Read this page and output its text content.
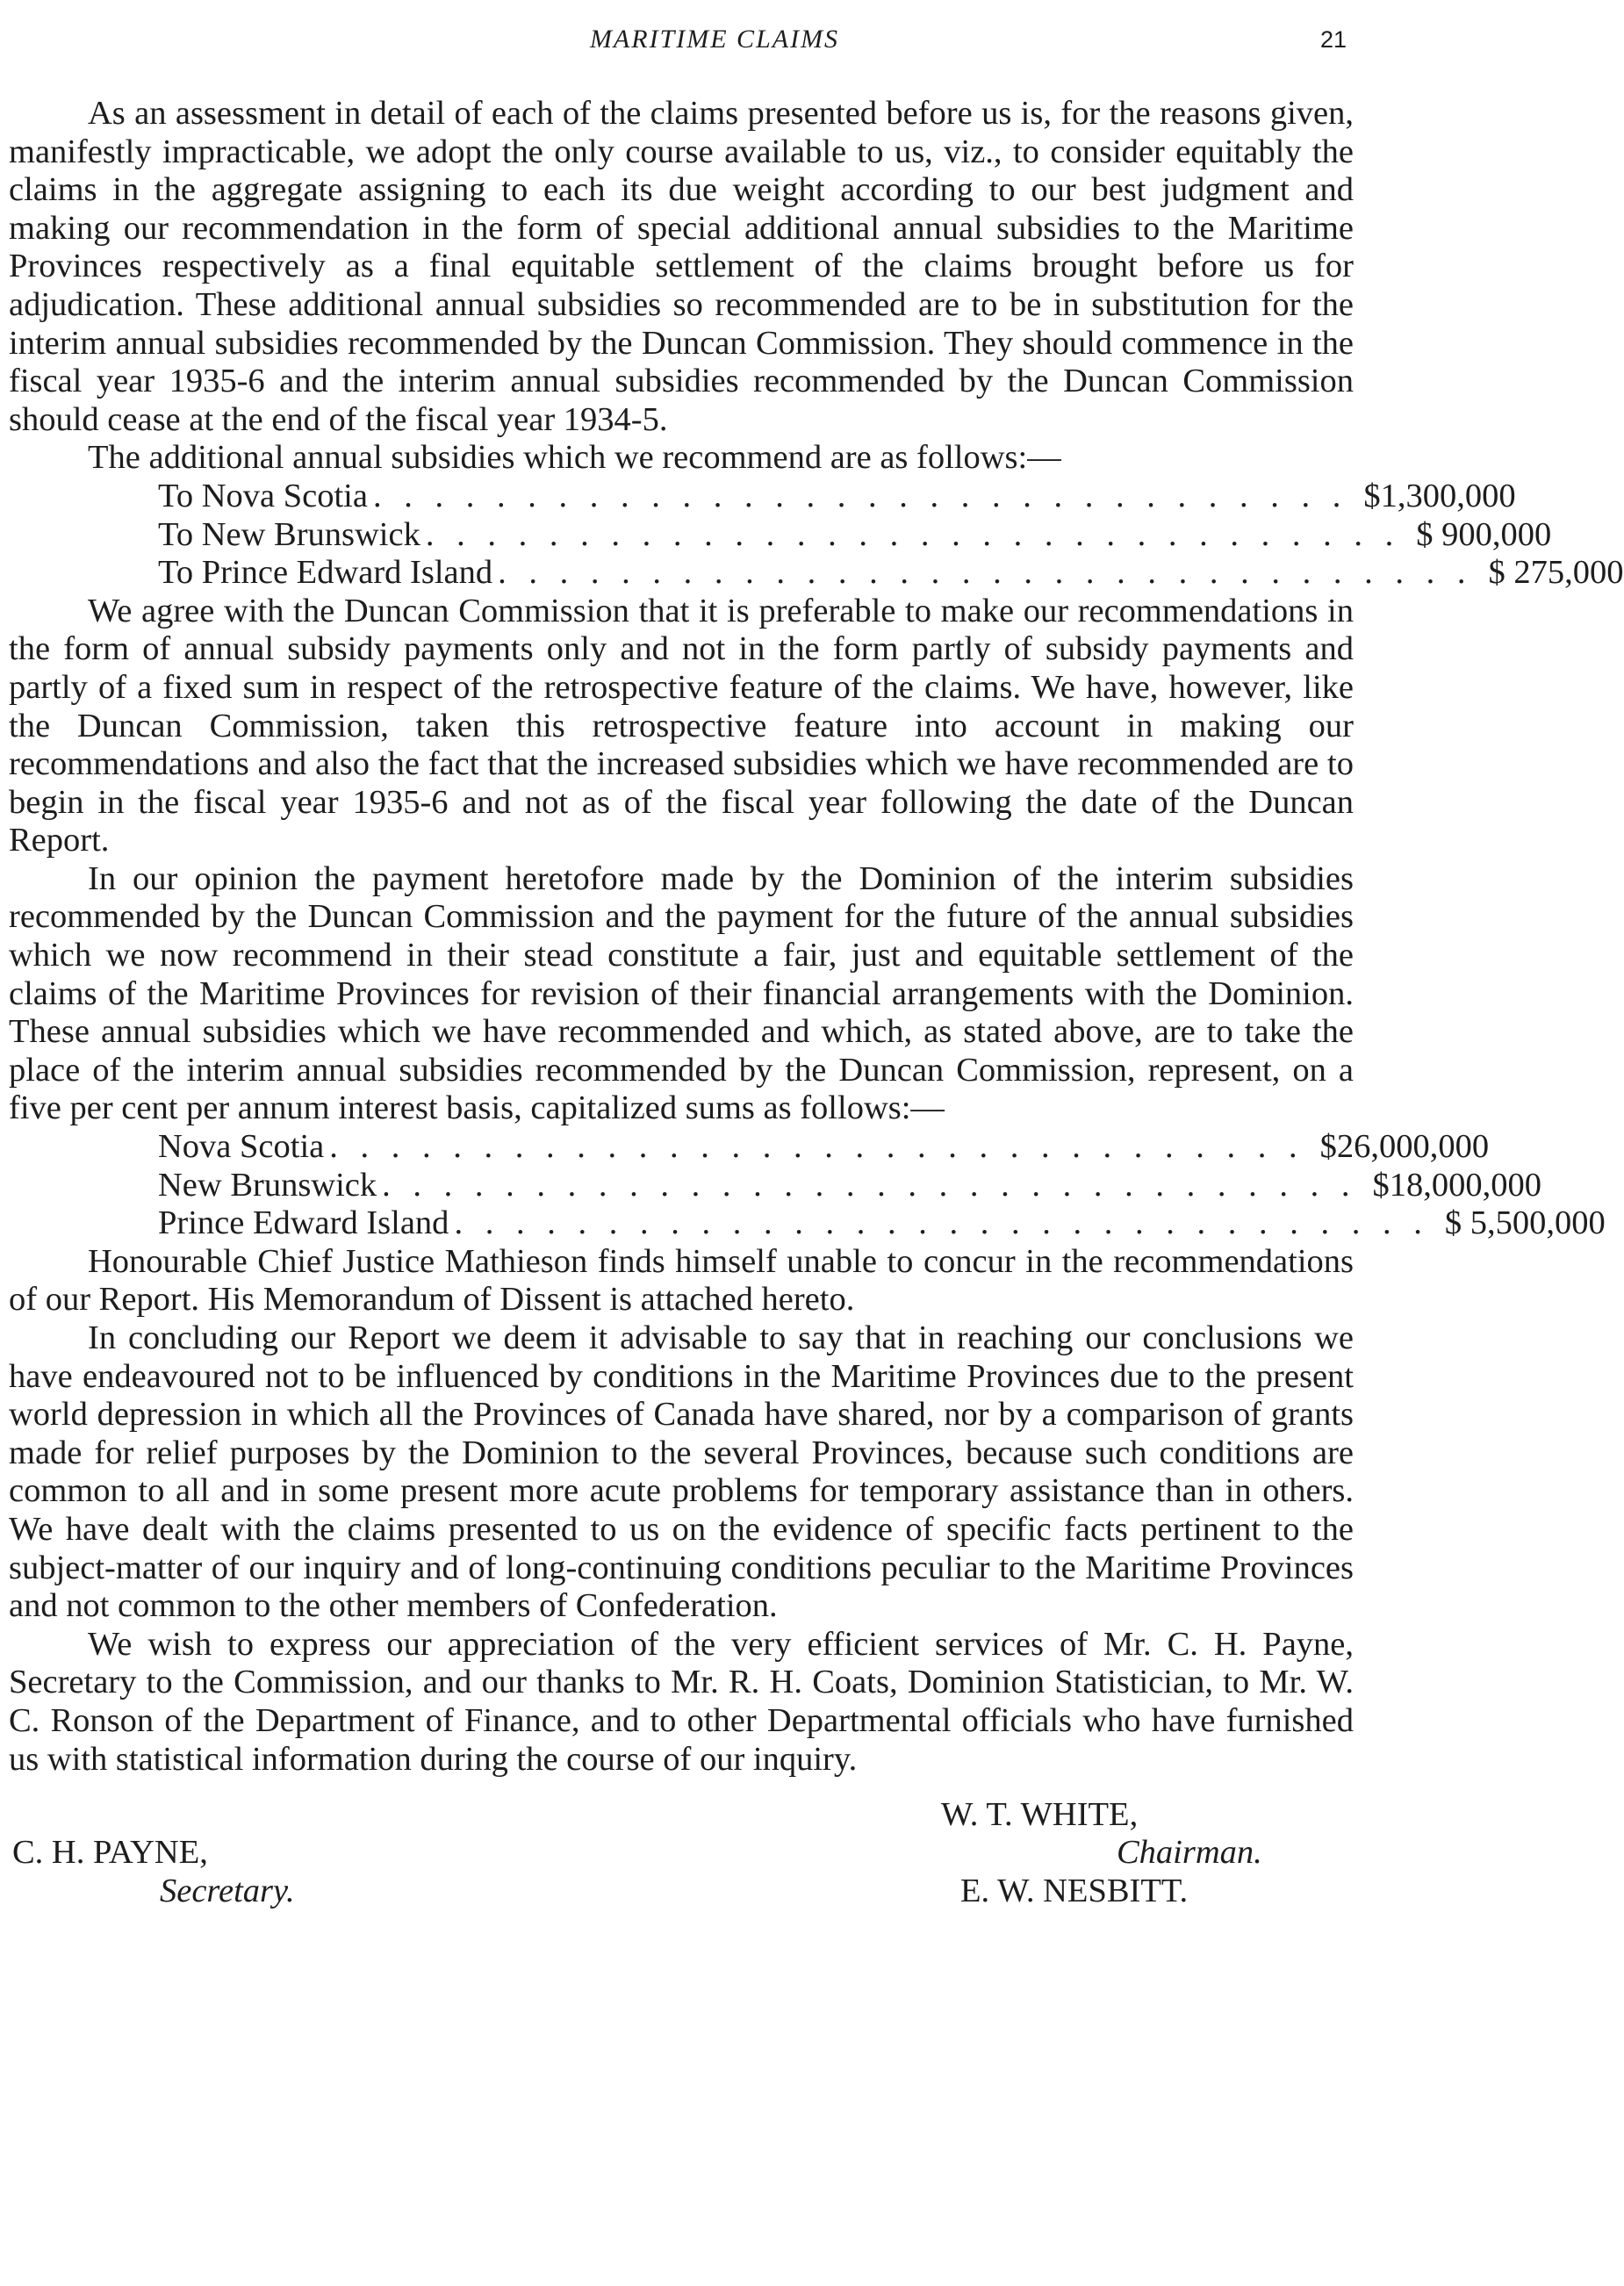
MARITIME CLAIMS	21

As an assessment in detail of each of the claims presented before us is, for the reasons given, manifestly impracticable, we adopt the only course available to us, viz., to consider equitably the claims in the aggregate assigning to each its due weight according to our best judgment and making our recommendation in the form of special additional annual subsidies to the Maritime Provinces respectively as a final equitable settlement of the claims brought before us for adjudication. These additional annual subsidies so recommended are to be in substitution for the interim annual subsidies recommended by the Duncan Commission. They should commence in the fiscal year 1935-6 and the interim annual subsidies recommended by the Duncan Commission should cease at the end of the fiscal year 1934-5.

The additional annual subsidies which we recommend are as follows:—

To Nova Scotia . . . . . . . . . . . . . . . . . . . . . . . . . . . . . . . . $1,300,000
To New Brunswick . . . . . . . . . . . . . . . . . . . . . . . . . . . . . . . . $ 900,000
To Prince Edward Island . . . . . . . . . . . . . . . . . . . . . . . . . . . . . . . . $ 275,000

We agree with the Duncan Commission that it is preferable to make our recommendations in the form of annual subsidy payments only and not in the form partly of subsidy payments and partly of a fixed sum in respect of the retrospective feature of the claims. We have, however, like the Duncan Commission, taken this retrospective feature into account in making our recommendations and also the fact that the increased subsidies which we have recommended are to begin in the fiscal year 1935-6 and not as of the fiscal year following the date of the Duncan Report.

In our opinion the payment heretofore made by the Dominion of the interim subsidies recommended by the Duncan Commission and the payment for the future of the annual subsidies which we now recommend in their stead constitute a fair, just and equitable settlement of the claims of the Maritime Provinces for revision of their financial arrangements with the Dominion. These annual subsidies which we have recommended and which, as stated above, are to take the place of the interim annual subsidies recommended by the Duncan Commission, represent, on a five per cent per annum interest basis, capitalized sums as follows:—

Nova Scotia . . . . . . . . . . . . . . . . . . . . . . . . . . . . . . . . $26,000,000
New Brunswick . . . . . . . . . . . . . . . . . . . . . . . . . . . . . . . . $18,000,000
Prince Edward Island . . . . . . . . . . . . . . . . . . . . . . . . . . . . . . . . $ 5,500,000

Honourable Chief Justice Mathieson finds himself unable to concur in the recommendations of our Report. His Memorandum of Dissent is attached hereto.

In concluding our Report we deem it advisable to say that in reaching our conclusions we have endeavoured not to be influenced by conditions in the Maritime Provinces due to the present world depression in which all the Provinces of Canada have shared, nor by a comparison of grants made for relief purposes by the Dominion to the several Provinces, because such conditions are common to all and in some present more acute problems for temporary assistance than in others. We have dealt with the claims presented to us on the evidence of specific facts pertinent to the subject-matter of our inquiry and of long-continuing conditions peculiar to the Maritime Provinces and not common to the other members of Confederation.

We wish to express our appreciation of the very efficient services of Mr. C. H. Payne, Secretary to the Commission, and our thanks to Mr. R. H. Coats, Dominion Statistician, to Mr. W. C. Ronson of the Department of Finance, and to other Departmental officials who have furnished us with statistical information during the course of our inquiry.

W. T. WHITE,
Chairman.
E. W. NESBITT.
C. H. PAYNE,
Secretary.
